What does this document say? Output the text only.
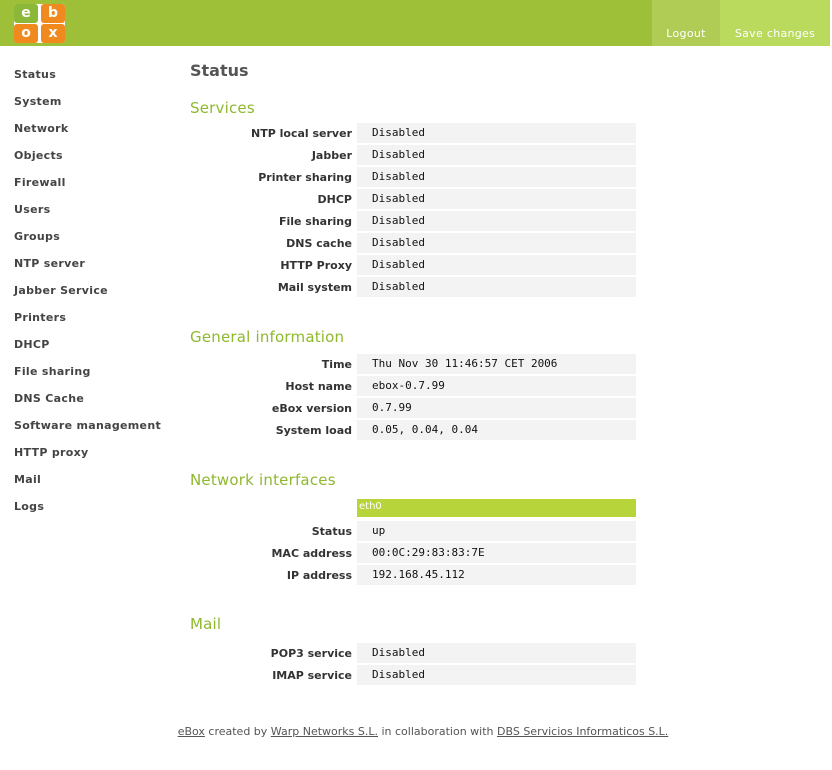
e	b
o	x	Logout	Save changes
Status
System
Network
Objects
Firewall
Users
Groups
NTP server
Jabber Service
Printers
DHCP
File sharing
DNS Cache
Software management
HTTP proxy
Mail
Logs
Status
Services
NTP local server	Disabled
Jabber	Disabled
Printer sharing	Disabled
DHCP	Disabled
File sharing	Disabled
DNS cache	Disabled
HTTP Proxy	Disabled
Mail system	Disabled
General information
Time	Thu Nov 30 11:46:57 CET 2006
Host name	ebox-0.7.99
eBox version	0.7.99
System load	0.05, 0.04, 0.04
Network interfaces
eth0
Status	up
MAC address	00:0C:29:83:83:7E
IP address	192.168.45.112
Mail
POP3 service	Disabled
IMAP service	Disabled
eBox created by Warp Networks S.L. in collaboration with DBS Servicios Informaticos S.L.
